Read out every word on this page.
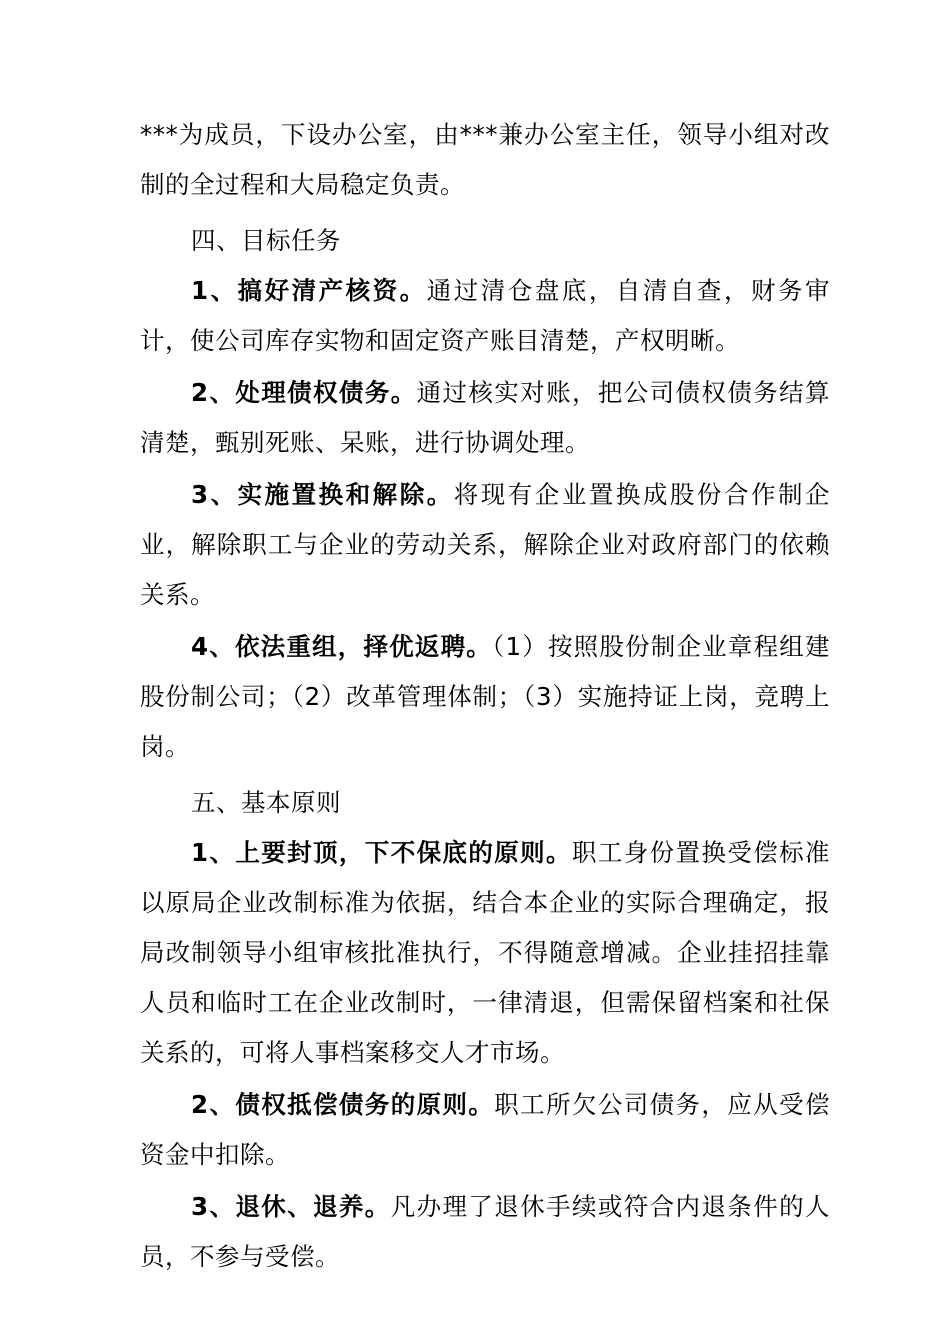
***为成员，下设办公室，由***兼办公室主任，领导小组对改制的全过程和大局稳定负责。

四、目标任务

1、搞好清产核资。通过清仓盘底，自清自查，财务审计，使公司库存实物和固定资产账目清楚，产权明晰。

2、处理债权债务。通过核实对账，把公司债权债务结算清楚，甄别死账、呆账，进行协调处理。

3、实施置换和解除。将现有企业置换成股份合作制企业，解除职工与企业的劳动关系，解除企业对政府部门的依赖关系。

4、依法重组，择优返聘。（1）按照股份制企业章程组建股份制公司；（2）改革管理体制；（3）实施持证上岗，竞聘上岗。

五、基本原则

1、上要封顶，下不保底的原则。职工身份置换受偿标准以原局企业改制标准为依据，结合本企业的实际合理确定，报局改制领导小组审核批准执行，不得随意增减。企业挂招挂靠人员和临时工在企业改制时，一律清退，但需保留档案和社保关系的，可将人事档案移交人才市场。

2、债权抵偿债务的原则。职工所欠公司债务，应从受偿资金中扣除。

3、退休、退养。凡办理了退休手续或符合内退条件的人员，不参与受偿。
